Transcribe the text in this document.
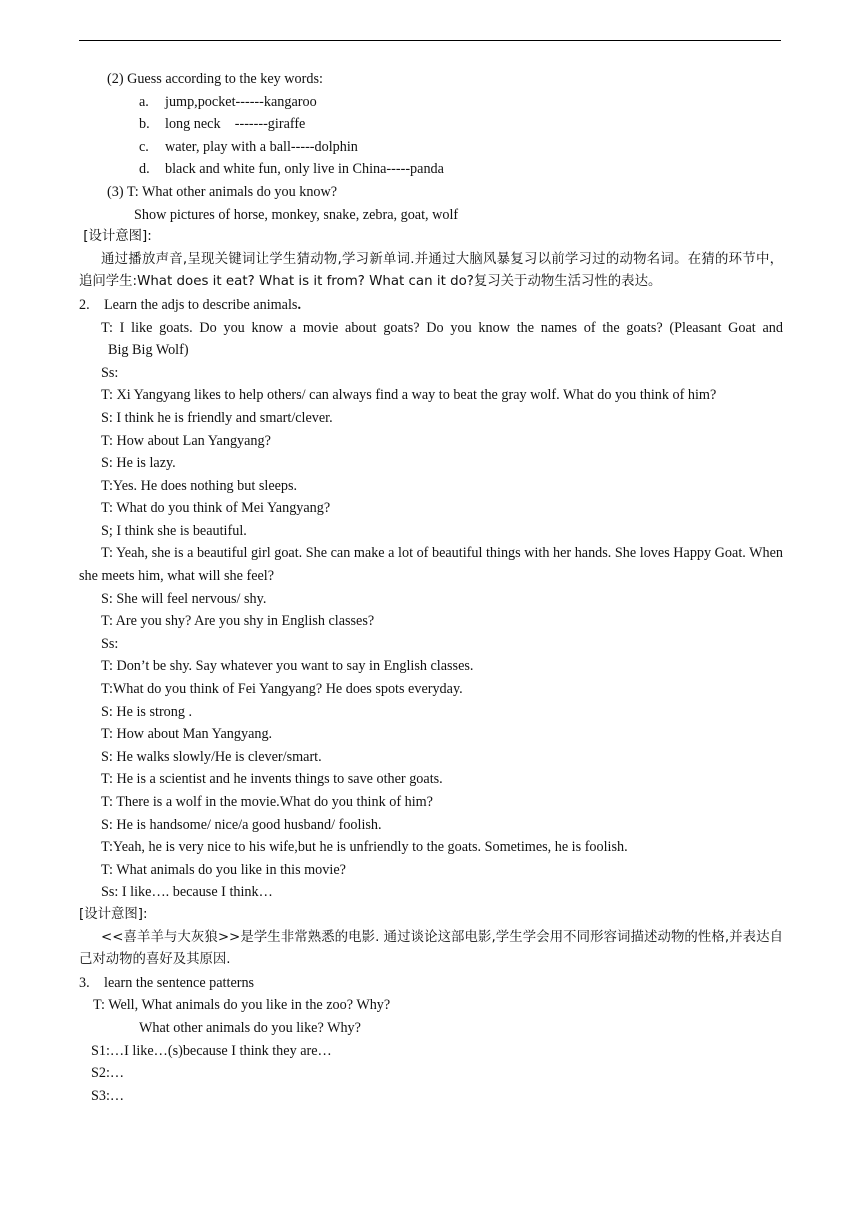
(2) Guess according to the key words:
a.	jump,pocket------kangaroo
b.	long neck    -------giraffe
c.	water, play with a ball-----dolphin
d.	black and white fun, only live in China-----panda
(3) T: What other animals do you know?
Show pictures of horse, monkey, snake, zebra, goat, wolf
[设计意图]:
通过播放声音,呈现关键词让学生猜动物,学习新单词.并通过大脑风暴复习以前学习过的动物名词。在猜的环节中，追问学生:What does it eat? What is it from? What can it do?复习关于动物生活习性的表达。
2. Learn the adjs to describe animals.
T: I like goats. Do you know a movie about goats? Do you know the names of the goats? (Pleasant Goat and
Big Big Wolf)
Ss:
T: Xi Yangyang likes to help others/ can always find a way to beat the gray wolf. What do you think of him?
S: I think he is friendly and smart/clever.
T: How about Lan Yangyang?
S: He is lazy.
T:Yes. He does nothing but sleeps.
T: What do you think of Mei Yangyang?
S; I think she is beautiful.
T: Yeah, she is a beautiful girl goat. She can make a lot of beautiful things with her hands. She loves Happy Goat. When she meets him, what will she feel?
S: She will feel nervous/ shy.
T: Are you shy? Are you shy in English classes?
Ss:
T: Don’t be shy. Say whatever you want to say in English classes.
T:What do you think of Fei Yangyang? He does spots everyday.
S: He is strong .
T: How about Man Yangyang.
S: He walks slowly/He is clever/smart.
T: He is a scientist and he invents things to save other goats.
T: There is a wolf in the movie.What do you think of him?
S: He is handsome/ nice/a good husband/ foolish.
T:Yeah, he is very nice to his wife,but he is unfriendly to the goats. Sometimes, he is foolish.
T: What animals do you like in this movie?
Ss: I like…. because I think…
[设计意图]:
<<喜羊羊与大灰狼>>是学生非常熟悉的电影. 通过谈论这部电影,学生学会用不同形容词描述动物的性格,并表达自己对动物的喜好及其原因.
3. learn the sentence patterns
T: Well, What animals do you like in the zoo? Why?
What other animals do you like? Why?
S1:…I like…(s)because I think they are…
S2:…
S3:…
